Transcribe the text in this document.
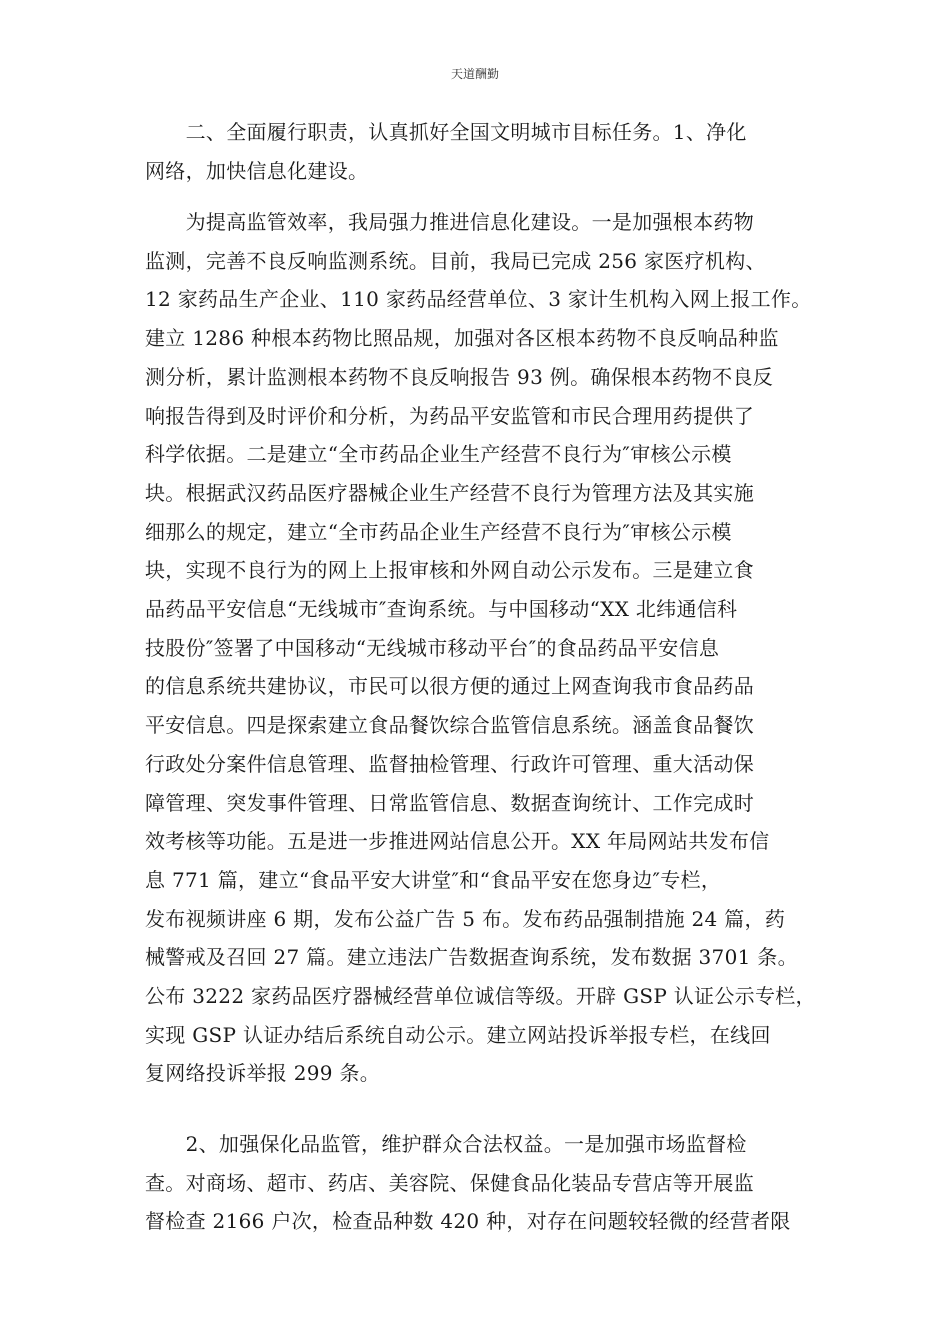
天道酬勤

　　二、全面履行职责，认真抓好全国文明城市目标任务。1、净化
网络，加快信息化建设。

　　为提高监管效率，我局强力推进信息化建设。一是加强根本药物
监测，完善不良反响监测系统。目前，我局已完成 256 家医疗机构、
12 家药品生产企业、110 家药品经营单位、3 家计生机构入网上报工作。
建立 1286 种根本药物比照品规，加强对各区根本药物不良反响品种监
测分析，累计监测根本药物不良反响报告 93 例。确保根本药物不良反
响报告得到及时评价和分析，为药品平安监管和市民合理用药提供了
科学依据。二是建立“全市药品企业生产经营不良行为″审核公示模
块。根据武汉药品医疗器械企业生产经营不良行为管理方法及其实施
细那么的规定，建立“全市药品企业生产经营不良行为″审核公示模
块，实现不良行为的网上上报审核和外网自动公示发布。三是建立食
品药品平安信息“无线城市″查询系统。与中国移动“XX 北纬通信科
技股份″签署了中国移动“无线城市移动平台″的食品药品平安信息
的信息系统共建协议，市民可以很方便的通过上网查询我市食品药品
平安信息。四是探索建立食品餐饮综合监管信息系统。涵盖食品餐饮
行政处分案件信息管理、监督抽检管理、行政许可管理、重大活动保
障管理、突发事件管理、日常监管信息、数据查询统计、工作完成时
效考核等功能。五是进一步推进网站信息公开。XX 年局网站共发布信
息 771 篇，建立“食品平安大讲堂″和“食品平安在您身边″专栏，
发布视频讲座 6 期，发布公益广告 5 布。发布药品强制措施 24 篇，药
械警戒及召回 27 篇。建立违法广告数据查询系统，发布数据 3701 条。
公布 3222 家药品医疗器械经营单位诚信等级。开辟 GSP 认证公示专栏，
实现 GSP 认证办结后系统自动公示。建立网站投诉举报专栏，在线回
复网络投诉举报 299 条。

　　2、加强保化品监管，维护群众合法权益。一是加强市场监督检
查。对商场、超市、药店、美容院、保健食品化装品专营店等开展监
督检查 2166 户次，检查品种数 420 种，对存在问题较轻微的经营者限
